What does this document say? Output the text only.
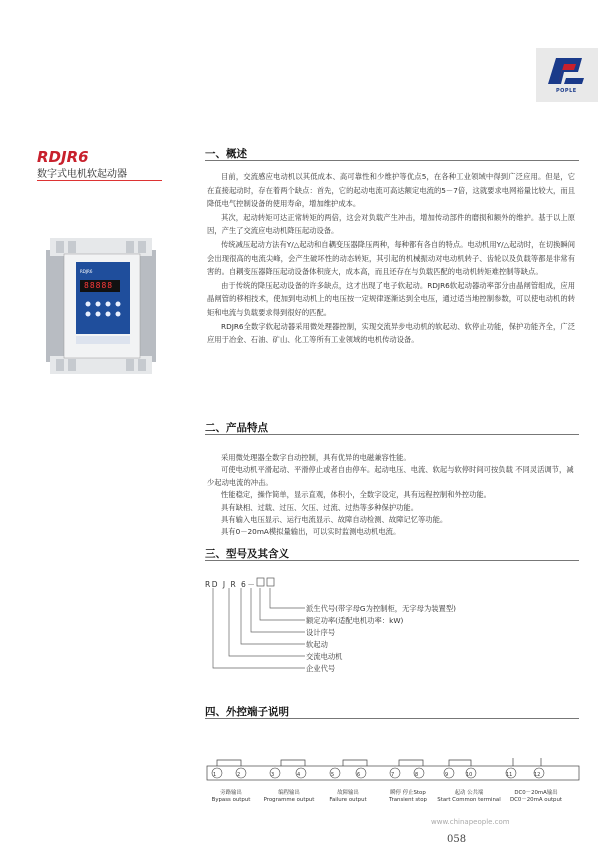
POPLE
RDJR6
数字式电机软起动器
RDJR6
88888
一、概述

目前，交流感应电动机以其低成本、高可靠性和少维护等优点5，在各种工业领域中得到广泛应用。但是，它在直接起动时，存在着两个缺点：首先，它的起动电流可高达额定电流的5－7倍，这就要求电网裕量比较大，而且降低电气控制设备的使用寿命，增加维护成本。

其次，起动转矩可达正常转矩的两倍，这会对负载产生冲击，增加传动部件的磨损和额外的维护。基于以上原因，产生了交流应电动机降压起动设备。

传统减压起动方法有Y/△起动和自耦变压器降压两种，每种都有各自的特点。电动机用Y/△起动时，在切换瞬间会出现很高的电流尖峰，会产生破坏性的动态转矩，其引起的机械振动对电动机转子、齿轮以及负载等都是非常有害的。自耦变压器降压起动设备体积庞大，成本高，而且还存在与负载匹配的电动机转矩难控制等缺点。

由于传统的降压起动设备的许多缺点，这才出现了电子软起动。RDJR6软起动器动率部分由晶闸管组成，应用晶闸管的移相技术，使加到电动机上的电压按一定规律逐渐达到全电压，通过适当地控制参数，可以使电动机的转矩和电流与负载要求得到很好的匹配。

RDJR6全数字软起动器采用微处理器控制，实现交流异步电动机的软起动、软停止功能，保护功能齐全，广泛应用于冶金、石油、矿山、化工等所有工业领域的电机传动设备。

二、产品特点

采用微处理器全数字自动控制，具有优异的电磁兼容性能。

可使电动机平滑起动、平滑停止或者自由停车。起动电压、电流、软起与软停时间可按负载 不同灵活调节，减少起动电流的冲击。

性能稳定，操作简单，显示直观，体积小，全数字设定，具有远程控制和外控功能。

具有缺相、过载、过压、欠压、过流、过热等多种保护功能。

具有输入电压显示、运行电流显示、故障自动检测、故障记忆等功能。

具有0－20mA模拟量输出，可以实时监测电动机电流。

三、型号及其含义
RD J R 6－
派生代号(带字母G为控制柜，无字母为装置型)
额定功率(适配电机功率：kW)
设计序号
软起动
交流电动机
企业代号
四、外控端子说明
1	2	3	4	5	6	7	8	9	10	11	12
旁路输出
Bypass output
编程输出
Programme output
故障输出
Failure output
瞬停 停止Stop
Transient stop
起动 公共端
Start Common terminal
DC0－20mA输出
DC0－20mA output
www.chinapeople.com
058
